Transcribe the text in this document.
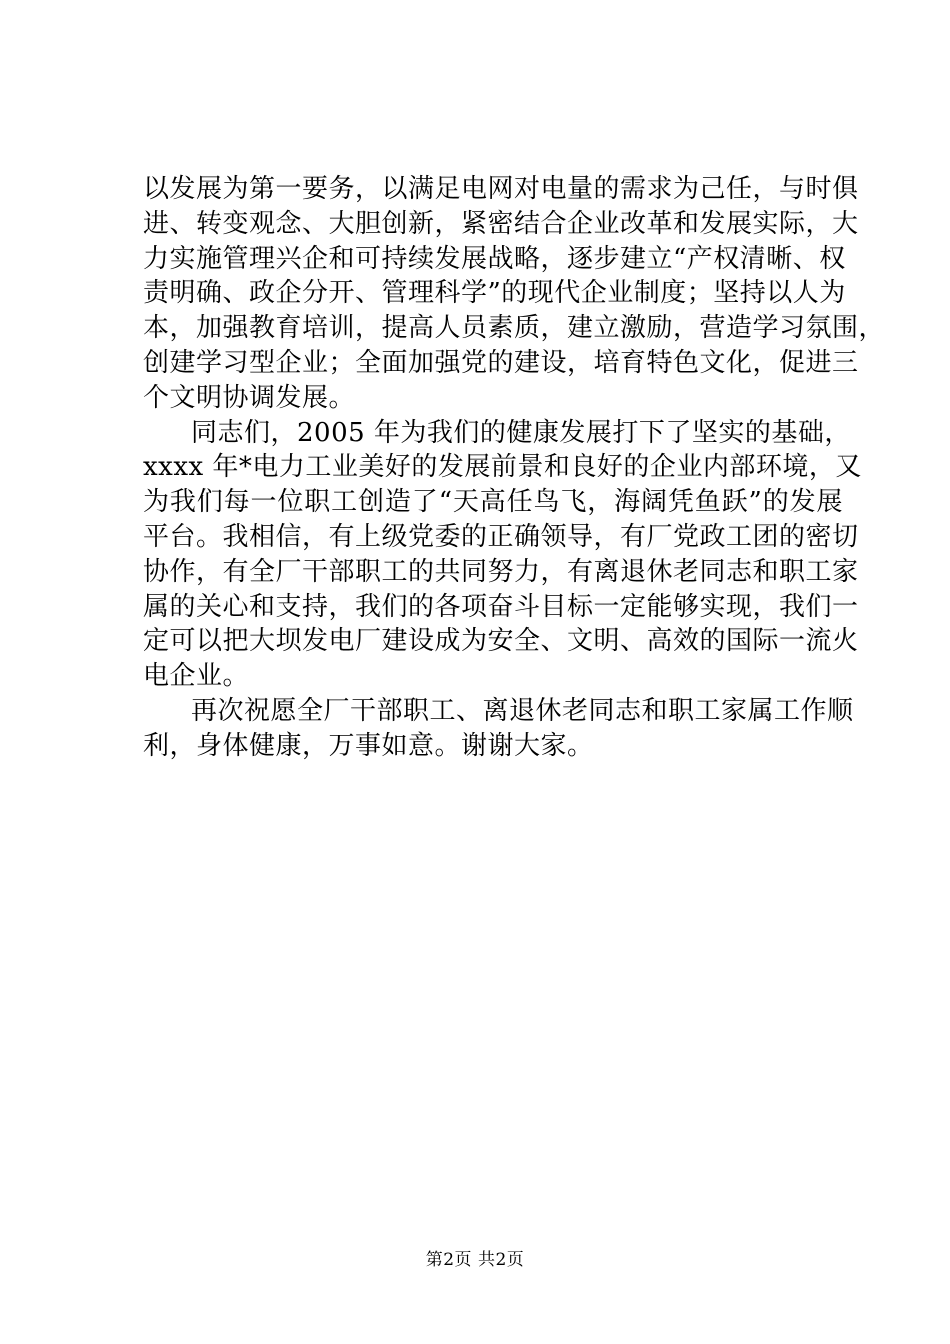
以发展为第一要务，以满足电网对电量的需求为己任，与时俱
进、转变观念、大胆创新，紧密结合企业改革和发展实际，大
力实施管理兴企和可持续发展战略，逐步建立“产权清晰、权
责明确、政企分开、管理科学”的现代企业制度；坚持以人为
本，加强教育培训，提高人员素质，建立激励，营造学习氛围，
创建学习型企业；全面加强党的建设，培育特色文化，促进三
个文明协调发展。
同志们，2005 年为我们的健康发展打下了坚实的基础，
xxxx 年*电力工业美好的发展前景和良好的企业内部环境，又
为我们每一位职工创造了“天高任鸟飞，海阔凭鱼跃”的发展
平台。我相信，有上级党委的正确领导，有厂党政工团的密切
协作，有全厂干部职工的共同努力，有离退休老同志和职工家
属的关心和支持，我们的各项奋斗目标一定能够实现，我们一
定可以把大坝发电厂建设成为安全、文明、高效的国际一流火
电企业。
再次祝愿全厂干部职工、离退休老同志和职工家属工作顺
利，身体健康，万事如意。谢谢大家。
第2页 共2页
